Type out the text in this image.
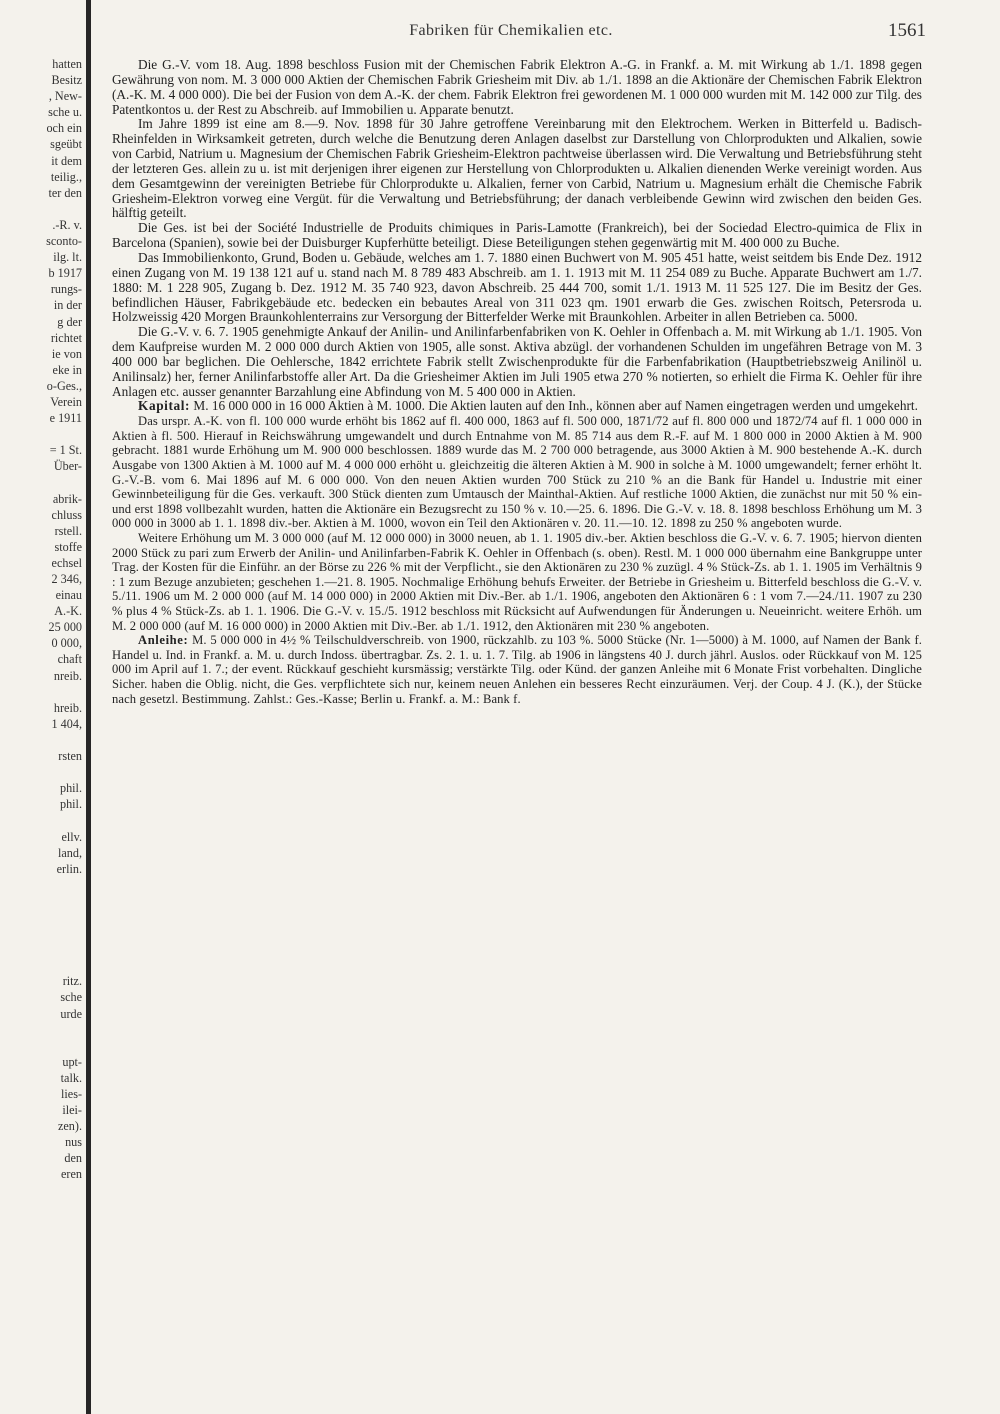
hatten
Besitz
, New-
sche u.
och ein
sgeübt
it dem
teilig.,
ter den

.-R. v.
sconto-
ilg. lt.
b 1917
rungs-
in der
g der
richtet
ie von
eke in
o-Ges.,
Verein
e 1911

= 1 St.
Über-

abrik-
chluss
rstell.
stoffe
echsel
2 346,
einau
A.-K.
25 000
0 000,
chaft
nreib.

hreib.
1 404,

rsten

phil.
phil.

ellv.
land,
erlin.

ritz.
sche
urde

upt-
talk.
lies-
ilei-
zen).
nus
den
eren
Fabriken für Chemikalien etc.	1561

Die G.-V. vom 18. Aug. 1898 beschloss Fusion mit der Chemischen Fabrik Elektron A.-G. in Frankf. a. M. mit Wirkung ab 1./1. 1898 gegen Gewährung von nom. M. 3 000 000 Aktien der Chemischen Fabrik Griesheim mit Div. ab 1./1. 1898 an die Aktionäre der Chemischen Fabrik Elektron (A.-K. M. 4 000 000). Die bei der Fusion von dem A.-K. der chem. Fabrik Elektron frei gewordenen M. 1 000 000 wurden mit M. 142 000 zur Tilg. des Patentkontos u. der Rest zu Abschreib. auf Immobilien u. Apparate benutzt.

Im Jahre 1899 ist eine am 8.—9. Nov. 1898 für 30 Jahre getroffene Vereinbarung mit den Elektrochem. Werken in Bitterfeld u. Badisch-Rheinfelden in Wirksamkeit getreten, durch welche die Benutzung deren Anlagen daselbst zur Darstellung von Chlorprodukten und Alkalien, sowie von Carbid, Natrium u. Magnesium der Chemischen Fabrik Griesheim-Elektron pachtweise überlassen wird. Die Verwaltung und Betriebsführung steht der letzteren Ges. allein zu u. ist mit derjenigen ihrer eigenen zur Herstellung von Chlorprodukten u. Alkalien dienenden Werke vereinigt worden. Aus dem Gesamtgewinn der vereinigten Betriebe für Chlorprodukte u. Alkalien, ferner von Carbid, Natrium u. Magnesium erhält die Chemische Fabrik Griesheim-Elektron vorweg eine Vergüt. für die Verwaltung und Betriebsführung; der danach verbleibende Gewinn wird zwischen den beiden Ges. hälftig geteilt.

Die Ges. ist bei der Société Industrielle de Produits chimiques in Paris-Lamotte (Frankreich), bei der Sociedad Electro-quimica de Flix in Barcelona (Spanien), sowie bei der Duisburger Kupferhütte beteiligt. Diese Beteiligungen stehen gegenwärtig mit M. 400 000 zu Buche.

Das Immobilienkonto, Grund, Boden u. Gebäude, welches am 1. 7. 1880 einen Buchwert von M. 905 451 hatte, weist seitdem bis Ende Dez. 1912 einen Zugang von M. 19 138 121 auf u. stand nach M. 8 789 483 Abschreib. am 1. 1. 1913 mit M. 11 254 089 zu Buche. Apparate Buchwert am 1./7. 1880: M. 1 228 905, Zugang b. Dez. 1912 M. 35 740 923, davon Abschreib. 25 444 700, somit 1./1. 1913 M. 11 525 127. Die im Besitz der Ges. befindlichen Häuser, Fabrikgebäude etc. bedecken ein bebautes Areal von 311 023 qm. 1901 erwarb die Ges. zwischen Roitsch, Petersroda u. Holzweissig 420 Morgen Braunkohlenterrains zur Versorgung der Bitterfelder Werke mit Braunkohlen. Arbeiter in allen Betrieben ca. 5000.

Die G.-V. v. 6. 7. 1905 genehmigte Ankauf der Anilin- und Anilinfarbenfabriken von K. Oehler in Offenbach a. M. mit Wirkung ab 1./1. 1905. Von dem Kaufpreise wurden M. 2 000 000 durch Aktien von 1905, alle sonst. Aktiva abzügl. der vorhandenen Schulden im ungefähren Betrage von M. 3 400 000 bar beglichen. Die Oehlersche, 1842 errichtete Fabrik stellt Zwischenprodukte für die Farbenfabrikation (Hauptbetriebszweig Anilinöl u. Anilinsalz) her, ferner Anilinfarbstoffe aller Art. Da die Griesheimer Aktien im Juli 1905 etwa 270 % notierten, so erhielt die Firma K. Oehler für ihre Anlagen etc. ausser genannter Barzahlung eine Abfindung von M. 5 400 000 in Aktien.

Kapital: M. 16 000 000 in 16 000 Aktien à M. 1000. Die Aktien lauten auf den Inh., können aber auf Namen eingetragen werden und umgekehrt.

Das urspr. A.-K. von fl. 100 000 wurde erhöht bis 1862 auf fl. 400 000, 1863 auf fl. 500 000, 1871/72 auf fl. 800 000 und 1872/74 auf fl. 1 000 000 in Aktien à fl. 500. Hierauf in Reichswährung umgewandelt und durch Entnahme von M. 85 714 aus dem R.-F. auf M. 1 800 000 in 2000 Aktien à M. 900 gebracht. 1881 wurde Erhöhung um M. 900 000 beschlossen. 1889 wurde das M. 2 700 000 betragende, aus 3000 Aktien à M. 900 bestehende A.-K. durch Ausgabe von 1300 Aktien à M. 1000 auf M. 4 000 000 erhöht u. gleichzeitig die älteren Aktien à M. 900 in solche à M. 1000 umgewandelt; ferner erhöht lt. G.-V.-B. vom 6. Mai 1896 auf M. 6 000 000. Von den neuen Aktien wurden 700 Stück zu 210 % an die Bank für Handel u. Industrie mit einer Gewinnbeteiligung für die Ges. verkauft. 300 Stück dienten zum Umtausch der Mainthal-Aktien. Auf restliche 1000 Aktien, die zunächst nur mit 50 % ein- und erst 1898 vollbezahlt wurden, hatten die Aktionäre ein Bezugsrecht zu 150 % v. 10.—25. 6. 1896. Die G.-V. v. 18. 8. 1898 beschloss Erhöhung um M. 3 000 000 in 3000 ab 1. 1. 1898 div.-ber. Aktien à M. 1000, wovon ein Teil den Aktionären v. 20. 11.—10. 12. 1898 zu 250 % angeboten wurde.

Weitere Erhöhung um M. 3 000 000 (auf M. 12 000 000) in 3000 neuen, ab 1. 1. 1905 div.-ber. Aktien beschloss die G.-V. v. 6. 7. 1905; hiervon dienten 2000 Stück zu pari zum Erwerb der Anilin- und Anilinfarben-Fabrik K. Oehler in Offenbach (s. oben). Restl. M. 1 000 000 übernahm eine Bankgruppe unter Trag. der Kosten für die Einführ. an der Börse zu 226 % mit der Verpflicht., sie den Aktionären zu 230 % zuzügl. 4 % Stück-Zs. ab 1. 1. 1905 im Verhältnis 9 : 1 zum Bezuge anzubieten; geschehen 1.—21. 8. 1905. Nochmalige Erhöhung behufs Erweiter. der Betriebe in Griesheim u. Bitterfeld beschloss die G.-V. v. 5./11. 1906 um M. 2 000 000 (auf M. 14 000 000) in 2000 Aktien mit Div.-Ber. ab 1./1. 1906, angeboten den Aktionären 6 : 1 vom 7.—24./11. 1907 zu 230 % plus 4 % Stück-Zs. ab 1. 1. 1906. Die G.-V. v. 15./5. 1912 beschloss mit Rücksicht auf Aufwendungen für Änderungen u. Neueinricht. weitere Erhöh. um M. 2 000 000 (auf M. 16 000 000) in 2000 Aktien mit Div.-Ber. ab 1./1. 1912, den Aktionären mit 230 % angeboten.

Anleihe: M. 5 000 000 in 4½ % Teilschuldverschreib. von 1900, rückzahlb. zu 103 %. 5000 Stücke (Nr. 1—5000) à M. 1000, auf Namen der Bank f. Handel u. Ind. in Frankf. a. M. u. durch Indoss. übertragbar. Zs. 2. 1. u. 1. 7. Tilg. ab 1906 in längstens 40 J. durch jährl. Auslos. oder Rückkauf von M. 125 000 im April auf 1. 7.; der event. Rückkauf geschieht kursmässig; verstärkte Tilg. oder Künd. der ganzen Anleihe mit 6 Monate Frist vorbehalten. Dingliche Sicher. haben die Oblig. nicht, die Ges. verpflichtete sich nur, keinem neuen Anlehen ein besseres Recht einzuräumen. Verj. der Coup. 4 J. (K.), der Stücke nach gesetzl. Bestimmung. Zahlst.: Ges.-Kasse; Berlin u. Frankf. a. M.: Bank f.
